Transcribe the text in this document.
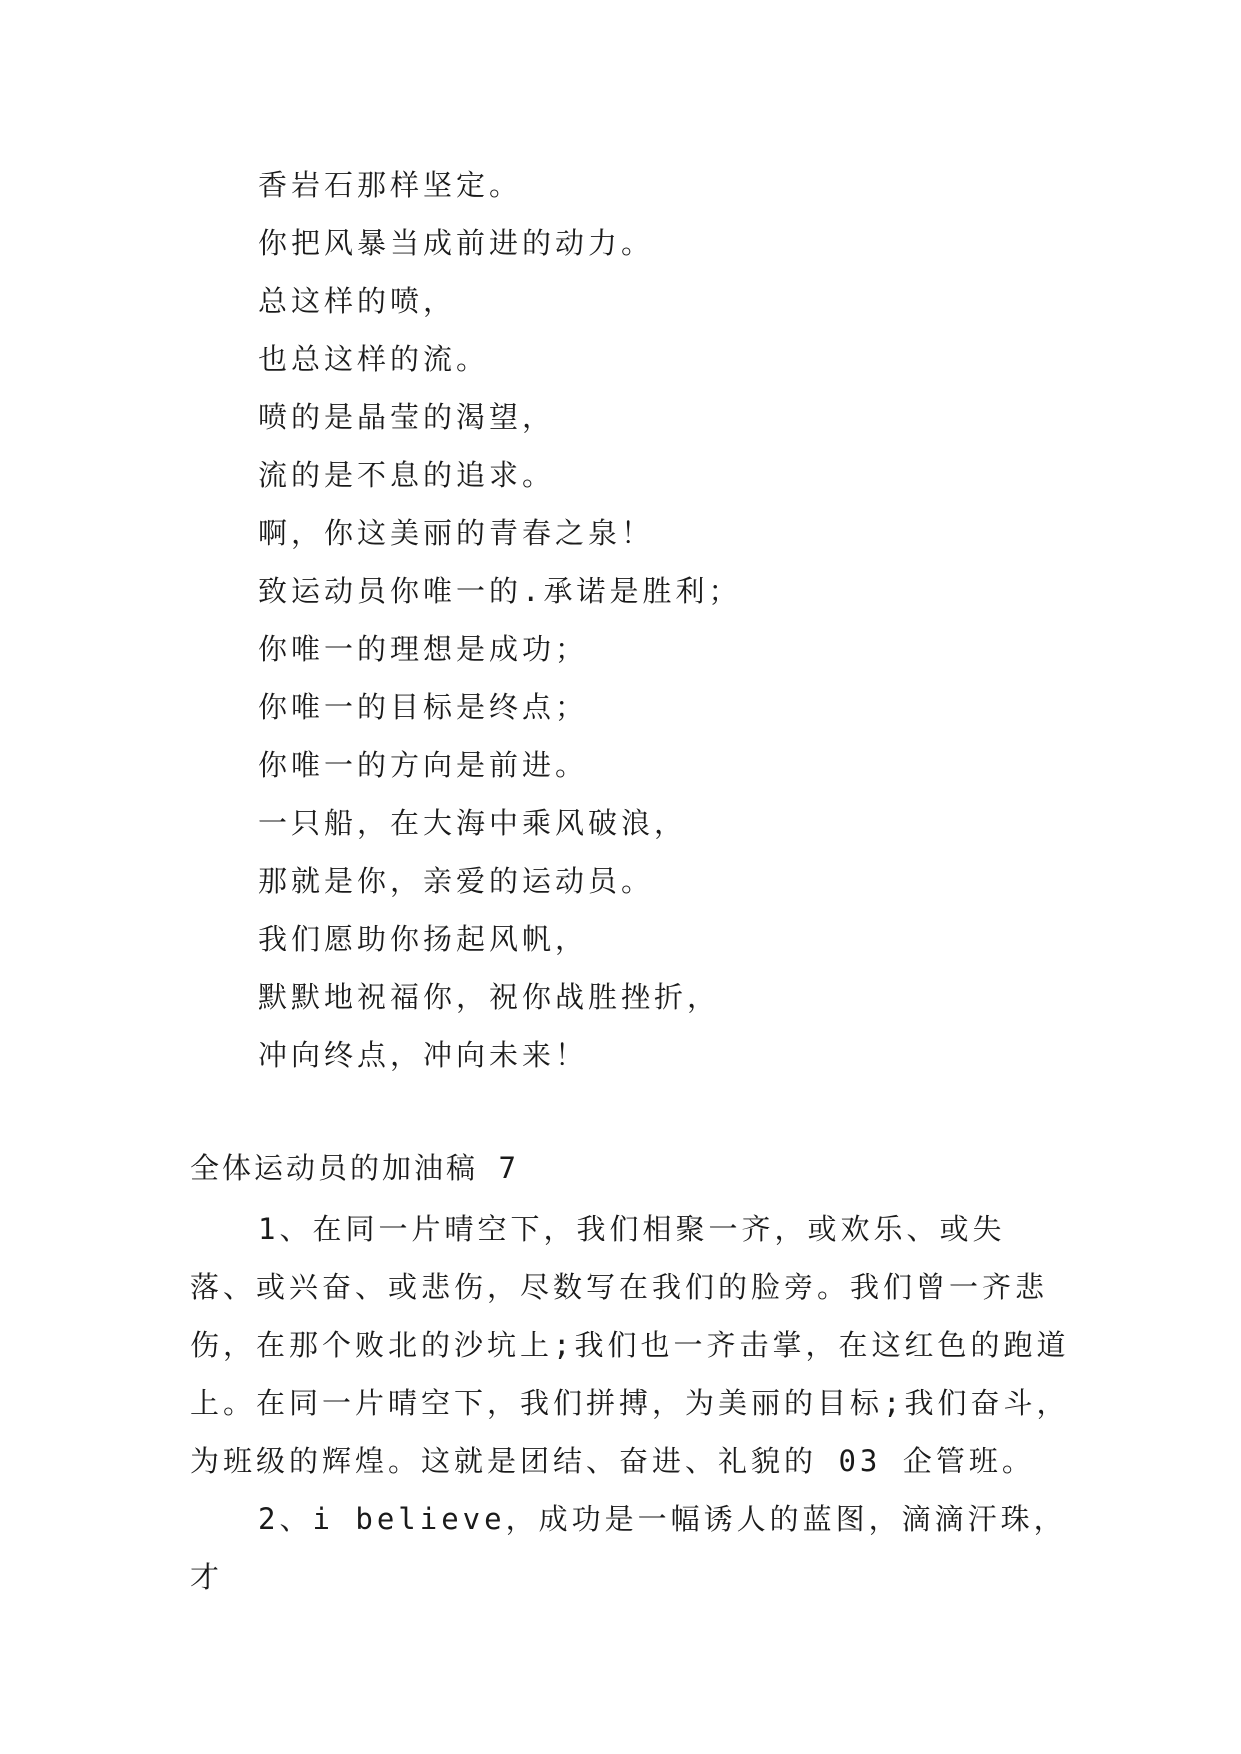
香岩石那样坚定。
你把风暴当成前进的动力。
总这样的喷，
也总这样的流。
喷的是晶莹的渴望，
流的是不息的追求。
啊，你这美丽的青春之泉！
致运动员你唯一的.承诺是胜利；
你唯一的理想是成功；
你唯一的目标是终点；
你唯一的方向是前进。
一只船，在大海中乘风破浪，
那就是你，亲爱的运动员。
我们愿助你扬起风帆，
默默地祝福你，祝你战胜挫折，
冲向终点，冲向未来！
全体运动员的加油稿 7

1、在同一片晴空下，我们相聚一齐，或欢乐、或失落、或兴奋、或悲伤，尽数写在我们的脸旁。我们曾一齐悲伤，在那个败北的沙坑上;我们也一齐击掌，在这红色的跑道上。在同一片晴空下，我们拼搏，为美丽的目标;我们奋斗，为班级的辉煌。这就是团结、奋进、礼貌的 03 企管班。

2、i believe，成功是一幅诱人的蓝图，滴滴汗珠，才
